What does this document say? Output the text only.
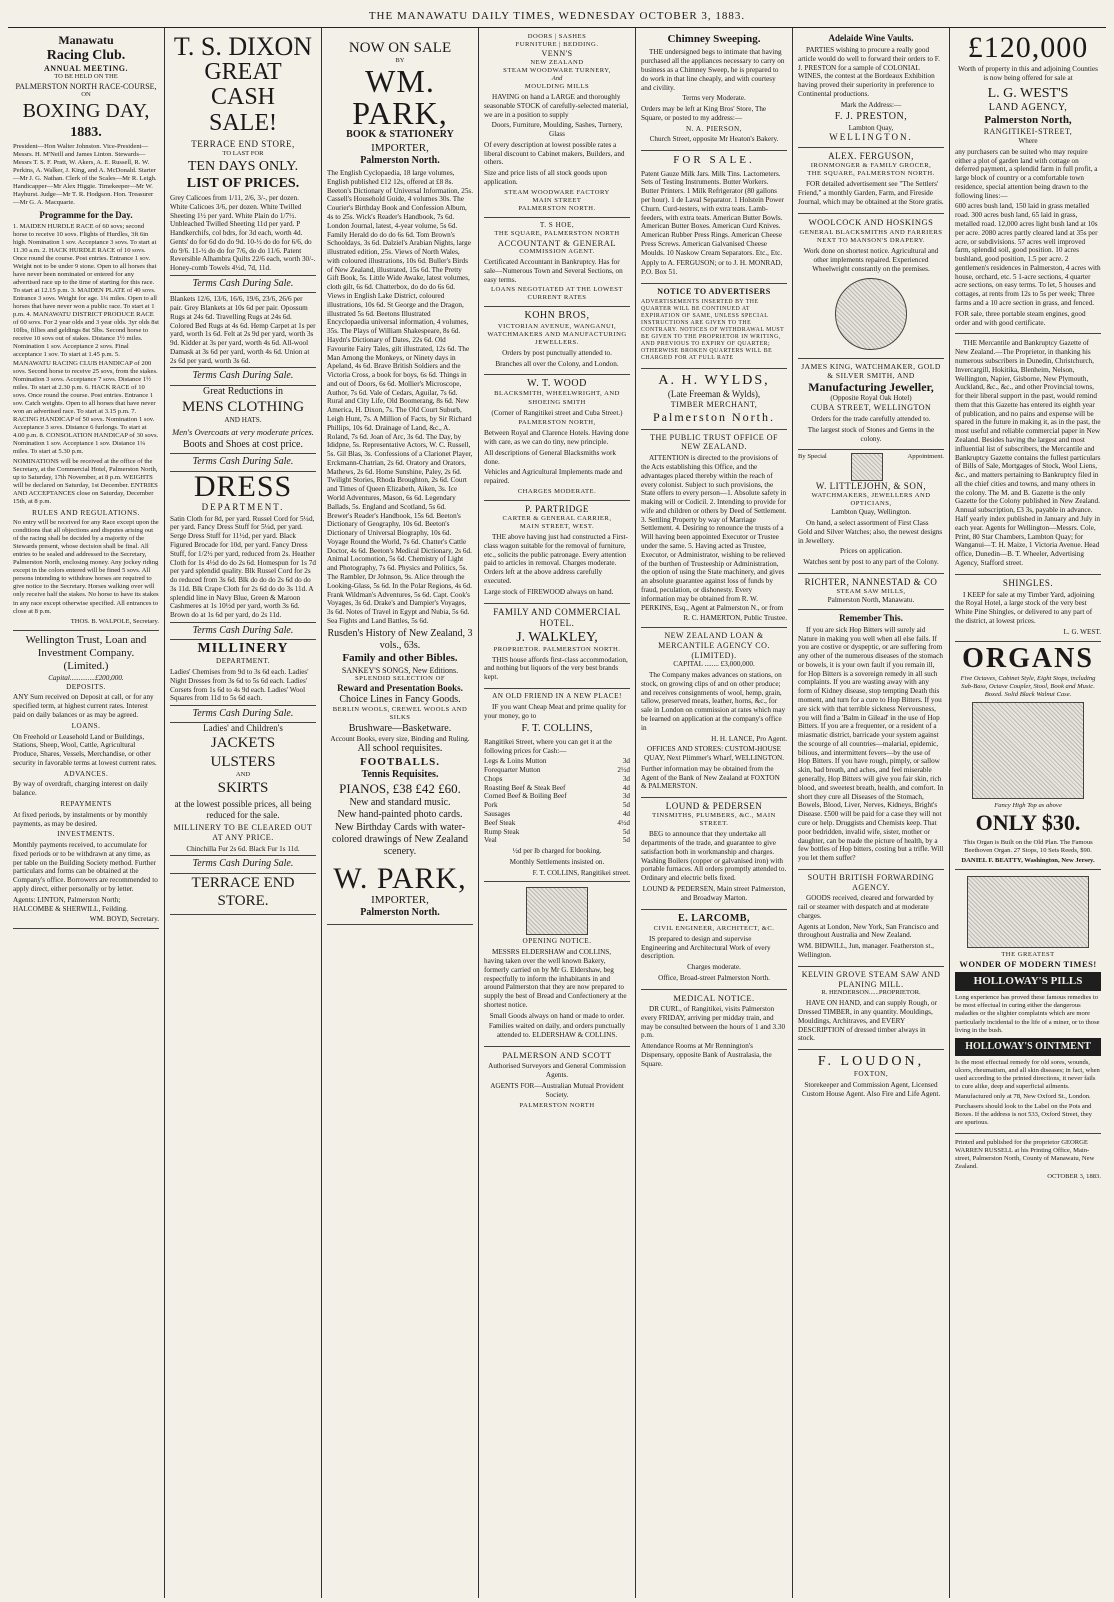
THE MANAWATU DAILY TIMES, WEDNESDAY OCTOBER 3, 1883.
Manawatu
Racing Club.
ANNUAL MEETING.
TO BE HELD ON THE
PALMERSTON NORTH RACE-COURSE,
ON
BOXING DAY,
1883.

President—Hon Walter Johnston. Vice-President—Messrs. H. M'Neill and James Linton. Stewards—Messrs T. S. F. Pratt, W. Akers, A. E. Russell, R. W. Perkins, A. Walker, J. King, and A. McDonald. Starter—Mr J. G. Nathan. Clerk of the Scales—Mr R. Leigh. Handicapper—Mr Alex Higgie. Timekeeper—Mr W. Hayhurst. Judge—Mr T. R. Hodgson. Hon. Treasurer—Mr G. A. Macquarie.

Programme for the Day.

1. MAIDEN HURDLE RACE of 60 sovs; second horse to receive 10 sovs. Flights of Hurdles, 3ft 6in high. Nomination 1 sov. Acceptance 3 sovs. To start at 11.30 a.m. 2. HACK HURDLE RACE of 10 sovs. Once round the course. Post entries. Entrance 1 sov. Weight not to be under 9 stone. Open to all horses that have never been nominated or entered for any advertised race up to the time of starting for this race. To start at 12.15 p.m. 3. MAIDEN PLATE of 40 sovs. Entrance 3 sovs. Weight for age. 1¼ miles. Open to all horses that have never won a public race. To start at 1 p.m. 4. MANAWATU DISTRICT PRODUCE RACE of 60 sovs. For 2 year olds and 3 year olds. 3yr olds 8st 10lbs, fillies and geldings 8st 5lbs. Second horse to receive 10 sovs out of stakes. Distance 1½ miles. Nomination 1 sov. Acceptance 2 sovs. Final acceptance 1 sov. To start at 1.45 p.m. 5. MANAWATU RACING CLUB HANDICAP of 200 sovs. Second horse to receive 25 sovs, from the stakes. Nomination 3 sovs. Acceptance 7 sovs. Distance 1½ miles. To start at 2.30 p.m. 6. HACK RACE of 10 sovs. Once round the course. Post entries. Entrance 1 sov. Catch weights. Open to all horses that have never won an advertised race. To start at 3.15 p.m. 7. RACING HANDICAP of 50 sovs. Nomination 1 sov. Acceptance 3 sovs. Distance 6 furlongs. To start at 4.00 p.m. 8. CONSOLATION HANDICAP of 30 sovs. Nomination 1 sov. Acceptance 1 sov. Distance 1¼ miles. To start at 5.30 p.m.

NOMINATIONS will be received at the office of the Secretary, at the Commercial Hotel, Palmerston North, up to Saturday, 17th November, at 8 p.m. WEIGHTS will be declared on Saturday, 1st December. ENTRIES AND ACCEPTANCES close on Saturday, December 15th, at 8 p.m.

RULES AND REGULATIONS.

No entry will be received for any Race except upon the conditions that all objections and disputes arising out of the racing shall be decided by a majority of the Stewards present, whose decision shall be final. All entries to be sealed and addressed to the Secretary, Palmerston North, enclosing money. Any jockey riding except in the colors entered will be fined 5 sovs. All persons intending to withdraw horses are required to give notice to the Secretary. Horses walking over will only receive half the stakes. No horse to have its stakes in any race except otherwise specified. All entrances to close at 8 p.m.

THOS. B. WALPOLE, Secretary.
Wellington Trust, Loan and Investment Company.
(Limited.)
Capital..............£200,000.
DEPOSITS.

ANY Sum received on Deposit at call, or for any specified term, at highest current rates. Interest paid on daily balances or as may be agreed.

LOANS.

On Freehold or Leasehold Land or Buildings, Stations, Sheep, Wool, Cattle, Agricultural Produce, Shares, Vessels, Merchandise, or other security in favorable terms at lowest current rates.

ADVANCES.

By way of overdraft, charging interest on daily balance.

REPAYMENTS

At fixed periods, by instalments or by monthly payments, as may be desired.

INVESTMENTS.

Monthly payments received, to accumulate for fixed periods or to be withdrawn at any time, as per table on the Building Society method. Further particulars and forms can be obtained at the Company's office. Borrowers are recommended to apply direct, either personally or by letter.

Agents: LINTON, Palmerston North; HALCOMBE & SHERWILL, Feilding.

WM. BOYD, Secretary.
T. S. DIXON
GREAT CASH
SALE!
TERRACE END STORE,
TO LAST FOR
TEN DAYS ONLY.
LIST OF PRICES.

Grey Calicoes from 1/11, 2/6, 3/-, per dozen. White Calicoes 3/6, per dozen. White Twilled Sheeting 1½ per yard. White Plain do 1/7½. Unbleached Twilled Sheeting 11d per yard. P Handkerchifs, col bdrs, for 3d each, worth 4d. Gents' do for 6d do do 9d. 10-½ do do for 6/6, do do 9/6. 11-½ do do for 7/6, do do 11/6. Patent Reversible Alhambra Quilts 22/6 each, worth 30/-. Honey-comb Towels 4½d, 7d, 11d.

Terms Cash During Sale.

Blankets 12/6, 13/6, 16/6, 19/6, 23/6, 26/6 per pair. Grey Blankets at 10s 6d per pair. Opossum Rugs at 24s 6d. Travelling Rugs at 24s 6d. Colored Bed Rugs at 4s 6d. Hemp Carpet at 1s per yard, worth 1s 6d. Felt at 2s 9d per yard, worth 3s 9d. Kidder at 3s per yard, worth 4s 6d. All-wool Damask at 3s 6d per yard, worth 4s 6d. Union at 2s 6d per yard, worth 3s 6d.

Terms Cash During Sale.
Great Reductions in
MENS CLOTHING
AND HATS.

Men's Overcoats at very moderate prices.

Boots and Shoes at cost price.

Terms Cash During Sale.
DRESS
DEPARTMENT.

Satin Cloth for 8d, per yard. Russel Cord for 5¼d, per yard. Fancy Dress Stuff for 5¼d, per yard. Serge Dress Stuff for 11½d, per yard. Black Figured Brocade for 10d, per yard. Fancy Dress Stuff, for 1/2½ per yard, reduced from 2s. Heather Cloth for 1s 4½d do do 2s 6d. Homespun for 1s 7d per yard splendid quality. Blk Russel Cord for 2s do reduced from 3s 6d. Blk do do do 2s 6d do do 3s 11d. Blk Crape Cloth for 2s 6d do do 3s 11d. A splendid line in Navy Blue, Green & Maroon Cashmeres at 1s 10½d per yard, worth 3s 6d. Brown do at 1s 6d per yard, do 2s 11d.

Terms Cash During Sale.
MILLINERY
DEPARTMENT.

Ladies' Chemises from 9d to 3s 6d each. Ladies' Night Dresses from 3s 6d to 5s 6d each. Ladies' Corsets from 1s 6d to 4s 9d each. Ladies' Wool Squares from 11d to 5s 6d each.

Terms Cash During Sale.
Ladies' and Children's
JACKETS
ULSTERS
AND
SKIRTS

at the lowest possible prices, all being reduced for the sale.

MILLINERY TO BE CLEARED OUT AT ANY PRICE.

Chinchilla Fur 2s 6d. Black Fur 1s 11d.

Terms Cash During Sale.
TERRACE END
STORE.
NOW ON SALE
BY
WM. PARK,
BOOK & STATIONERY
IMPORTER,
Palmerston North.

The English Cyclopaedia, 18 large volumes, English published £12 12s, offered at £8 8s. Beeton's Dictionary of Universal Information, 25s. Cassell's Household Guide, 4 volumes 30s. The Courier's Birthday Book and Confession Album, 4s to 25s. Wick's Reader's Handbook, 7s 6d. London Journal, latest, 4-year volume, 5s 6d. Family Herald do do do 6s 6d. Tom Brown's Schooldays, 3s 6d. Dalziel's Arabian Nights, large illustrated edition, 25s. Views of North Wales, with coloured illustrations, 10s 6d. Buller's Birds of New Zealand, illustrated, 15s 6d. The Pretty Gift Book, 5s. Little Wide Awake, latest volumes, cloth gilt, 6s 6d. Chatterbox, do do do 6s 6d. Views in English Lake District, coloured illustrations, 10s 6d. St George and the Dragon, illustrated 5s 6d. Beetons Illustrated Encyclopaedia universal information, 4 volumes, 35s. The Plays of William Shakespeare, 8s 6d. Haydn's Dictionary of Dates, 22s 6d. Old Favourite Fairy Tales, gilt illustrated, 12s 6d. The Man Among the Monkeys, or Ninety days in Apeland, 4s 6d. Brave British Soldiers and the Victoria Cross, a book for boys, 6s 6d. Things in and out of Doors, 6s 6d. Mollier's Microscope, Author, 7s 6d. Vale of Cedars, Aguilar, 7s 6d. Rural and City Life, Old Boomerang, 8s 6d. New America, H. Dixon, 7s. The Old Court Suburb, Leigh Hunt, 7s. A Million of Facts, by Sir Richard Phillips, 10s 6d. Drainage of Land, &c., A. Roland, 7s 6d. Joan of Arc, 3s 6d. The Day, by Ididpne, 5s. Representative Actors, W. C. Russell, 5s. Gil Blas, 3s. Confessions of a Clarionet Player, Erckmann-Chatrian, 2s 6d. Oratory and Orators, Mathews, 2s 6d. Home Sunshine, Paley, 2s 6d. Twilight Stories, Rhoda Broughton, 2s 6d. Court and Times of Queen Elizabeth, Aiken, 3s. Ice World Adventures, Mason, 6s 6d. Legendary Ballads, 5s. England and Scotland, 5s 6d. Brewer's Reader's Handbook, 15s 6d. Beeton's Dictionary of Geography, 10s 6d. Beeton's Dictionary of Universal Biography, 10s 6d. Voyage Round the World, 7s 6d. Chatter's Cattle Doctor, 4s 6d. Beeton's Medical Dictionary, 2s 6d. Animal Locomotion, 5s 6d. Chemistry of Light and Photography, 7s 6d. Physics and Politics, 5s. The Rambler, Dr Johnson, 9s. Alice through the Looking-Glass, 5s 6d. In the Polar Regions, 4s 6d. Frank Wildman's Adventures, 5s 6d. Capt. Cook's Voyages, 3s 6d. Drake's and Dampier's Voyages, 3s 6d. Notes of Travel in Egypt and Nubia, 5s 6d. Sea Fights and Land Battles, 5s 6d.

Rusden's History of New Zealand, 3 vols., 63s.
Family and other Bibles.
SANKEY'S SONGS, New Editions.
SPLENDID SELECTION OF
Reward and Presentation Books.
Choice Lines in Fancy Goods.
BERLIN WOOLS, CREWEL WOOLS AND SILKS
Brushware—Basketware.
Account Books, every size, Binding and Ruling.
All school requisites.
FOOTBALLS.
Tennis Requisites.
PIANOS, £38 £42 £60.
New and standard music.
New hand-painted photo cards.
New Birthday Cards with water-colored drawings of New Zealand scenery.
W. PARK,
IMPORTER,
Palmerston North.
DOORS | SASHES
FURNITURE | BEDDING.
VENN'S
NEW ZEALAND
STEAM WOODWARE TURNERY,
And
MOULDING MILLS

HAVING on hand a LARGE and thoroughly seasonable STOCK of carefully-selected material, we are in a position to supply

Doors, Furniture, Moulding, Sashes, Turnery, Glass

Of every description at lowest possible rates a liberal discount to Cabinet makers, Builders, and others.

Size and price lists of all stock goods upon application.

STEAM WOODWARE FACTORY
MAIN STREET
PALMERSTON NORTH.
T. S HOE,
THE SQUARE, PALMERSTON NORTH
ACCOUNTANT & GENERAL
COMMISSION AGENT.

Certificated Accountant in Bankruptcy. Has for sale—Numerous Town and Several Sections, on easy terms.

LOANS NEGOTIATED AT THE LOWEST CURRENT RATES
KOHN BROS,
VICTORIAN AVENUE, WANGANUI,
WATCHMAKERS AND MANUFACTURING JEWELLERS.

Orders by post punctually attended to.

Branches all over the Colony, and London.

W. T. WOOD
BLACKSMITH, WHEELWRIGHT, AND SHOEING SMITH

(Corner of Rangitikei street and Cuba Street.)

PALMERSTON NORTH,

Between Royal and Clarence Hotels. Having done with care, as we can do tiny, new principle.

All descriptions of General Blacksmiths work done.

Vehicles and Agricultural Implements made and repaired.

CHARGES MODERATE.
P. PARTRIDGE
CARTER & GENERAL CARRIER,
MAIN STREET, WEST.

THE above having just had constructed a First-class wagon suitable for the removal of furniture, etc., solicits the public patronage. Every attention paid to articles in removal. Charges moderate. Orders left at the above address carefully executed.

Large stock of FIREWOOD always on hand.

FAMILY AND COMMERCIAL HOTEL.
J. WALKLEY,
PROPRIETOR. PALMERSTON NORTH.

THIS house affords first-class accommodation, and nothing but liquors of the very best brands kept.

AN OLD FRIEND IN A NEW PLACE!

IF you want Cheap Meat and prime quality for your money, go to

F. T. COLLINS,

Rangitikei Street, where you can get it at the following prices for Cash:—

Legs & Loins Mutton	3d
Forequarter Mutton	2½d
Chops	3d
Roasting Beef & Steak Beef	4d
Corned Beef & Boiling Beef	3d
Pork	5d
Sausages	4d
Beef Steak	4½d
Rump Steak	5d
Veal	5d

½d per lb charged for booking.

Monthly Settlements insisted on.

F. T. COLLINS, Rangitikei street.
OPENING NOTICE.

MESSRS ELDERSHAW and COLLINS, having taken over the well known Bakery, formerly carried on by Mr G. Eldershaw, beg respectfully to inform the inhabitants in and around Palmerston that they are now prepared to supply the best of Bread and Confectionery at the shortest notice.

Small Goods always on hand or made to order.

Families waited on daily, and orders punctually attended to. ELDERSHAW & COLLINS.

PALMERSON AND SCOTT

Authorised Surveyors and General Commission Agents.

AGENTS FOR—Australian Mutual Provident Society.

PALMERSTON NORTH
Chimney Sweeping.

THE undersigned begs to intimate that having purchased all the appliances necessary to carry on business as a Chimney Sweep, he is prepared to do work in that line cheaply, and with courtesy and civility.

Terms very Moderate.

Orders may be left at King Bros' Store, The Square, or posted to my address:—

N. A. PIERSON,

Church Street, opposite Mr Heaton's Bakery.

FOR SALE.

Patent Gauze Milk Jars. Milk Tins. Lactometers. Sets of Testing Instruments. Butter Workers. Butter Printers. 1 Milk Refrigerator (80 gallons per hour). 1 de Laval Separator. 1 Holstein Power Churn. Curd-testers, with extra teats. Lamb-feeders, with extra teats. American Butter Bowls. American Butter Boxes. American Curd Knives. American Rubber Press Rings. American Cheese Press Screws. American Galvanised Cheese Moulds. 10 Naskow Cream Separators. Etc., Etc.

Apply to A. FERGUSON; or to J. H. MONRAD, P.O. Box 51.

NOTICE TO ADVERTISERS

ADVERTISEMENTS INSERTED BY THE QUARTER WILL BE CONTINUED AT EXPIRATION OF SAME, UNLESS SPECIAL INSTRUCTIONS ARE GIVEN TO THE CONTRARY. NOTICES OF WITHDRAWAL MUST BE GIVEN TO THE PROPRIETOR IN WRITING, AND PREVIOUS TO EXPIRY OF QUARTER; OTHERWISE BROKEN QUARTERS WILL BE CHARGED FOR AT FULL RATE

A. H. WYLDS,
(Late Freeman & Wylds),
TIMBER MERCHANT,
Palmerston North.
THE PUBLIC TRUST OFFICE OF NEW ZEALAND.

ATTENTION is directed to the provisions of the Acts establishing this Office, and the advantages placed thereby within the reach of every colonist. Subject to such provisions, the State offers to every person—1. Absolute safety in making will or Codicil. 2. Intending to provide for wife and children or others by Deed of Settlement. 3. Settling Property by way of Marriage Settlement. 4. Desiring to renounce the trusts of a Will having been appointed Executor or Trustee under the same. 5. Having acted as Trustee, Executor, or Administrator, wishing to be relieved of the burthen of Trusteeship or Administration, the option of using the State machinery, and gives an absolute guarantee against loss of funds by fraud, peculation, or dishonesty. Every information may be obtained from R. W. PERKINS, Esq., Agent at Palmerston N., or from

R. C. HAMERTON, Public Trustee.
NEW ZEALAND LOAN & MERCANTILE AGENCY CO. (LIMITED).
CAPITAL ........ £3,000,000.

The Company makes advances on stations, on stock, on growing clips of and on other produce; and receives consignments of wool, hemp, grain, tallow, preserved meats, leather, horns, &c., for sale in London on commission at rates which may be learned on application at the company's office in

H. H. LANCE, Pro Agent.

OFFICES AND STORES: CUSTOM-HOUSE QUAY, Next Plimmer's Wharf, WELLINGTON.

Further information may be obtained from the Agent of the Bank of New Zealand at FOXTON & PALMERSTON.

LOUND & PEDERSEN
TINSMITHS, PLUMBERS, &C., MAIN STREET.

BEG to announce that they undertake all departments of the trade, and guarantee to give satisfaction both in workmanship and charges. Washing Boilers (copper or galvanised iron) with portable furnaces. All orders promptly attended to. Ordinary and electric bells fixed.

LOUND & PEDERSEN, Main street Palmerston, and Broadway Marton.

E. LARCOMB,
CIVIL ENGINEER, ARCHITECT, &C.

IS prepared to design and supervise Engineering and Architectural Work of every description.

Charges moderate.

Office, Broad-street Palmerston North.

MEDICAL NOTICE.

DR CURL, of Rangitikei, visits Palmerston every FRIDAY, arriving per midday train, and may be consulted between the hours of 1 and 3.30 p.m.

Attendance Rooms at Mr Rennington's Dispensary, opposite Bank of Australasia, the Square.

Adelaide Wine Vaults.

PARTIES wishing to procure a really good article would do well to forward their orders to F. J. PRESTON for a sample of COLONIAL WINES, the contest at the Bordeaux Exhibition having proved their superiority in preference to Continental productions.

Mark the Address:—

F. J. PRESTON,
Lambton Quay,
WELLINGTON.
ALEX. FERGUSON,
IRONMONGER & FAMILY GROCER,
THE SQUARE, PALMERSTON NORTH.

FOR detailed advertisement see "The Settlers' Friend," a monthly Garden, Farm, and Fireside Journal, which may be obtained at the Store gratis.

WOOLCOCK AND HOSKINGS

GENERAL BLACKSMITHS AND FARRIERS NEXT TO MANSON'S DRAPERY.

Work done on shortest notice. Agricultural and other implements repaired. Experienced Wheelwright constantly on the premises.

JAMES KING, WATCHMAKER, GOLD & SILVER SMITH, AND
Manufacturing Jeweller,
(Opposite Royal Oak Hotel)
CUBA STREET, WELLINGTON

Orders for the trade carefully attended to.

The largest stock of Stones and Gems in the colony.

By Special	Appointment.
W. LITTLEJOHN, & SON,
WATCHMAKERS, JEWELLERS AND OPTICIANS,
Lambton Quay, Wellington.

On hand, a select assortment of First Class Gold and Silver Watches; also, the newest designs in Jewellery.

Prices on application.

Watches sent by post to any part of the Colony.

RICHTER, NANNESTAD & CO
STEAM SAW MILLS,
Palmerston North, Manawatu.
Remember This.

If you are sick Hop Bitters will surely aid Nature in making you well when all else fails. If you are costive or dyspeptic, or are suffering from any other of the numerous diseases of the stomach or bowels, it is your own fault if you remain ill, for Hop Bitters is a sovereign remedy in all such complaints. If you are wasting away with any form of Kidney disease, stop tempting Death this moment, and turn for a cure to Hop Bitters. If you are sick with that terrible sickness Nervousness, you will find a 'Balm in Gilead' in the use of Hop Bitters. If you are a frequenter, or a resident of a miasmatic district, barricade your system against the scourge of all countries—malarial, epidemic, bilious, and intermittent fevers—by the use of Hop Bitters. If you have rough, pimply, or sallow skin, bad breath, and aches, and feel miserable generally, Hop Bitters will give you fair skin, rich blood, and sweetest breath, health, and comfort. In short they cure all Diseases of the Stomach, Bowels, Blood, Liver, Nerves, Kidneys, Bright's Disease. £500 will be paid for a case they will not cure or help. Druggists and Chemists keep. That poor bedridden, invalid wife, sister, mother or daughter, can be made the picture of health, by a few bottles of Hop bitters, costing but a trifle. Will you let them suffer?

SOUTH BRITISH FORWARDING AGENCY.

GOODS received, cleared and forwarded by rail or steamer with despatch and at moderate charges.

Agents at London, New York, San Francisco and throughout Australia and New Zealand.

WM. BIDWILL, Jun, manager. Featherston st., Wellington.

KELVIN GROVE STEAM SAW AND PLANING MILL.
R. HENDERSON......PROPRIETOR.

HAVE ON HAND, and can supply Rough, or Dressed TIMBER, in any quantity. Mouldings, Mouldings, Architraves, and EVERY DESCRIPTION of dressed timber always in stock.

F. LOUDON,
FOXTON,

Storekeeper and Commission Agent, Licensed Custom House Agent. Also Fire and Life Agent.

£120,000

Worth of property in this and adjoining Counties is now being offered for sale at

L. G. WEST'S
LAND AGENCY,
Palmerston North,
RANGITIKEI-STREET,
Where

any purchasers can be suited who may require either a plot of garden land with cottage on deferred payment, a splendid farm in full profit, a large block of country or a comfortable town residence, special attention being drawn to the following lines:—

600 acres bush land, 150 laid in grass metalled road. 300 acres bush land, 65 laid in grass, metalled road. 12,000 acres light bush land at 10s per acre. 2080 acres partly cleared land at 35s per acre, or subdivisions. 57 acres well improved farm, splendid soil, good position. 10 acres bushland, good position, 1.5 per acre. 2 gentlemen's residences in Palmerston, 4 acres with house, orchard, etc. 5 1-acre sections, 4 quarter acre sections, on easy terms. To let, 5 houses and cottages, at rents from 12s to 5s per week; Three farms and a 10 acre section in grass, and fenced.

FOR sale, three portable steam engines, good order and with good certificate.

THE Mercantile and Bankruptcy Gazette of New Zealand.—The Proprietor, in thanking his numerous subscribers in Dunedin, Christchurch, Invercargill, Hokitika, Blenheim, Nelson, Wellington, Napier, Gisborne, New Plymouth, Auckland, &c., &c., and other Provincial towns, for their liberal support in the past, would remind them that this Gazette has entered its eighth year of publication, and no pains and expense will be spared in the future in making it, as in the past, the most useful and reliable commercial paper in New Zealand. Besides having the largest and most influential list of subscribers, the Mercantile and Bankruptcy Gazette contains the fullest particulars of Bills of Sale, Mortgages of Stock, Wool Liens, &c., and matters pertaining to Bankruptcy filed in all the chief cities and towns, and many others in the colony. The M. and B. Gazette is the only Gazette for the Colony published in New Zealand. Annual subscription, £3 3s, payable in advance. Half yearly index published in January and July in each year. Agents for Wellington—Messrs. Cole, Print, 80 Star Chambers, Lambton Quay; for Wanganui—T. H. Maize, 1 Victoria Avenue. Head office, Dunedin—B. T. Wheeler, Advertising Agency, Stafford street.

SHINGLES.

I KEEP for sale at my Timber Yard, adjoining the Royal Hotel, a large stock of the very best White Pine Shingles, or delivered to any part of the district, at lowest prices.

L. G. WEST.
ORGANS

Five Octaves, Cabinet Style, Eight Stops, including Sub-Bass, Octave Coupler, Stool, Book and Music. Boxed. Solid Black Walnut Case.

Fancy High Top as above
ONLY $30.

This Organ is Built on the Old Plan. The Famous Beethoven Organ. 27 Stops, 10 Sets Reeds, $90.

DANIEL F. BEATTY, Washington, New Jersey.
THE GREATEST
WONDER OF MODERN TIMES!
HOLLOWAY'S PILLS

Long experience has proved these famous remedies to be most effectual in curing either the dangerous maladies or the slighter complaints which are more particularly incidental to the life of a miner, or to those living in the bush.

HOLLOWAY'S OINTMENT

Is the most effectual remedy for old sores, wounds, ulcers, rheumatism, and all skin diseases; in fact, when used according to the printed directions, it never fails to cure alike, deep and superficial ailments.

Manufactured only at 78, New Oxford St., London.

Purchasers should look to the Label on the Pots and Boxes. If the address is not 533, Oxford Street, they are spurious.

Printed and published for the proprietor GEORGE WARREN RUSSELL at his Printing Office, Main-street, Palmerston North, County of Manawatu, New Zealand.

OCTOBER 3, 1883.
